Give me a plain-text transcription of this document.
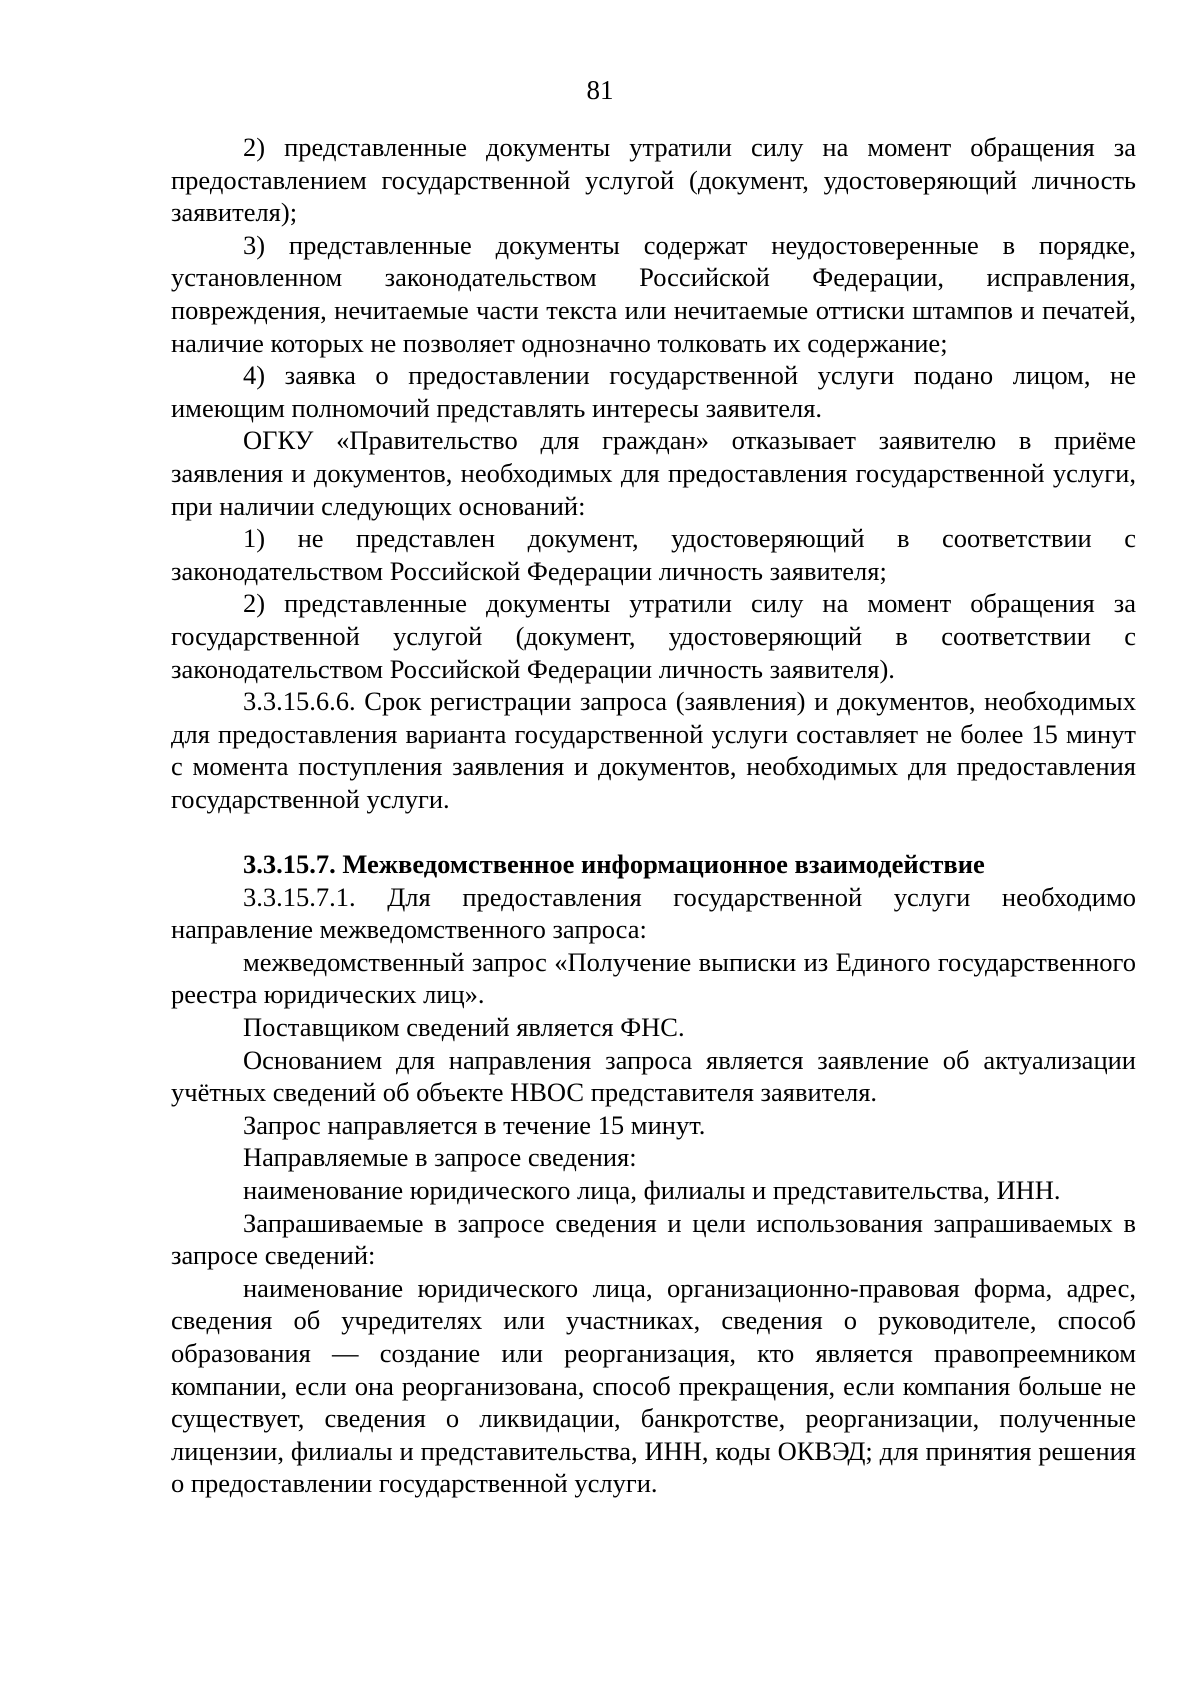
81

2) представленные документы утратили силу на момент обращения за предоставлением государственной услугой (документ, удостоверяющий личность заявителя);

3) представленные документы содержат неудостоверенные в порядке, установленном законодательством Российской Федерации, исправления, повреждения, нечитаемые части текста или нечитаемые оттиски штампов и печатей, наличие которых не позволяет однозначно толковать их содержание;

4) заявка о предоставлении государственной услуги подано лицом, не имеющим полномочий представлять интересы заявителя.

ОГКУ «Правительство для граждан» отказывает заявителю в приёме заявления и документов, необходимых для предоставления государственной услуги, при наличии следующих оснований:

1) не представлен документ, удостоверяющий в соответствии с законодательством Российской Федерации личность заявителя;

2) представленные документы утратили силу на момент обращения за государственной услугой (документ, удостоверяющий в соответствии с законодательством Российской Федерации личность заявителя).

3.3.15.6.6. Срок регистрации запроса (заявления) и документов, необходимых для предоставления варианта государственной услуги составляет не более 15 минут с момента поступления заявления и документов, необходимых для предоставления государственной услуги.

3.3.15.7. Межведомственное информационное взаимодействие

3.3.15.7.1. Для предоставления государственной услуги необходимо направление межведомственного запроса:

межведомственный запрос «Получение выписки из Единого государственного реестра юридических лиц».

Поставщиком сведений является ФНС.

Основанием для направления запроса является заявление об актуализации учётных сведений об объекте НВОС представителя заявителя.

Запрос направляется в течение 15 минут.

Направляемые в запросе сведения:

наименование юридического лица, филиалы и представительства, ИНН.

Запрашиваемые в запросе сведения и цели использования запрашиваемых в запросе сведений:

наименование юридического лица, организационно-правовая форма, адрес, сведения об учредителях или участниках, сведения о руководителе, способ образования — создание или реорганизация, кто является правопреемником компании, если она реорганизована, способ прекращения, если компания больше не существует, сведения о ликвидации, банкротстве, реорганизации, полученные лицензии, филиалы и представительства, ИНН, коды ОКВЭД; для принятия решения о предоставлении государственной услуги.
